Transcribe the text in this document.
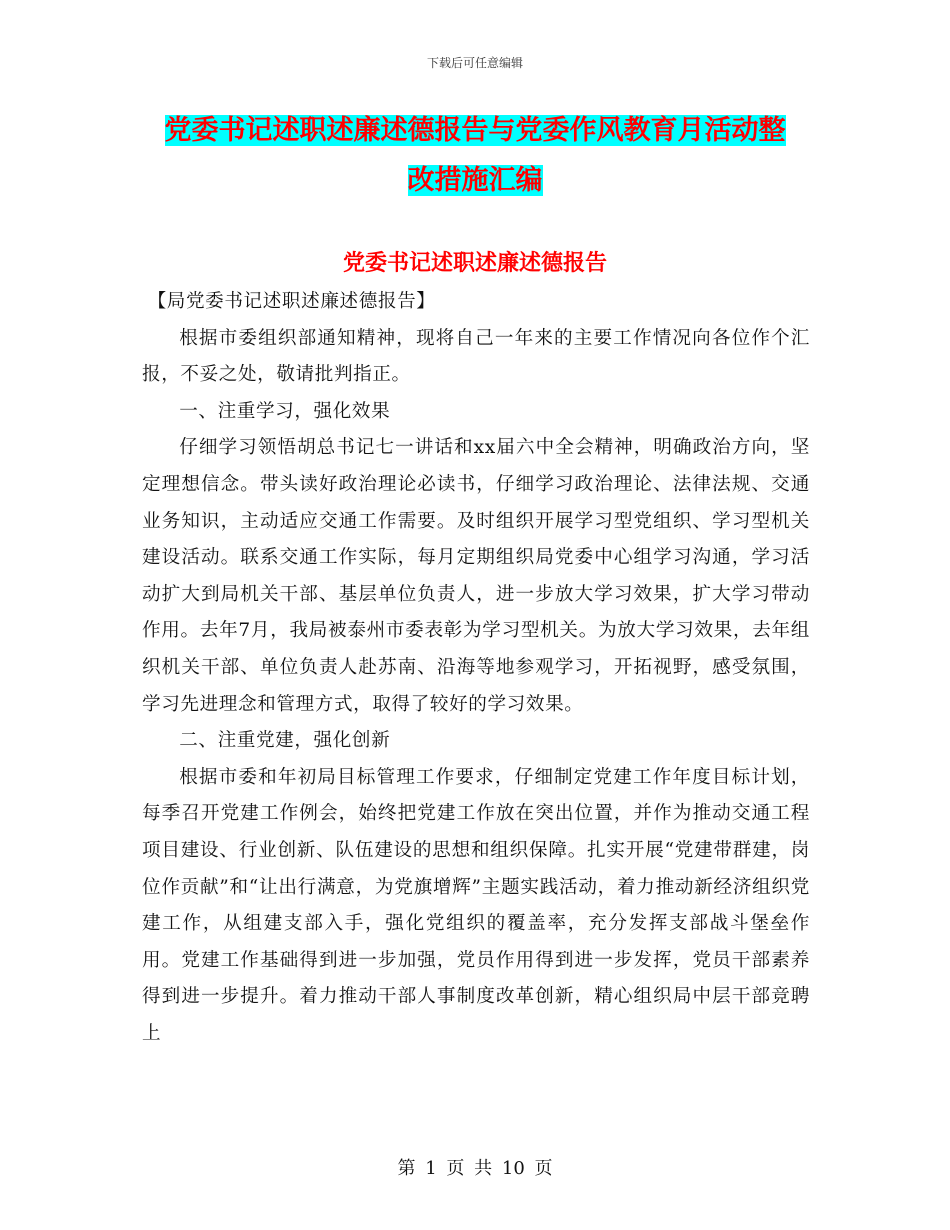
下载后可任意编辑
党委书记述职述廉述德报告与党委作风教育月活动整
改措施汇编
党委书记述职述廉述德报告

【局党委书记述职述廉述德报告】

根据市委组织部通知精神，现将自己一年来的主要工作情况向各位作个汇报，不妥之处，敬请批判指正。

一、注重学习，强化效果

仔细学习领悟胡总书记七一讲话和xx届六中全会精神，明确政治方向，坚定理想信念。带头读好政治理论必读书，仔细学习政治理论、法律法规、交通业务知识，主动适应交通工作需要。及时组织开展学习型党组织、学习型机关建设活动。联系交通工作实际，每月定期组织局党委中心组学习沟通，学习活动扩大到局机关干部、基层单位负责人，进一步放大学习效果，扩大学习带动作用。去年7月，我局被泰州市委表彰为学习型机关。为放大学习效果，去年组织机关干部、单位负责人赴苏南、沿海等地参观学习，开拓视野，感受氛围，学习先进理念和管理方式，取得了较好的学习效果。

二、注重党建，强化创新

根据市委和年初局目标管理工作要求，仔细制定党建工作年度目标计划，每季召开党建工作例会，始终把党建工作放在突出位置，并作为推动交通工程项目建设、行业创新、队伍建设的思想和组织保障。扎实开展“党建带群建，岗位作贡献”和“让出行满意，为党旗增辉”主题实践活动，着力推动新经济组织党建工作，从组建支部入手，强化党组织的覆盖率，充分发挥支部战斗堡垒作用。党建工作基础得到进一步加强，党员作用得到进一步发挥，党员干部素养得到进一步提升。着力推动干部人事制度改革创新，精心组织局中层干部竞聘上

第 1 页 共 10 页
